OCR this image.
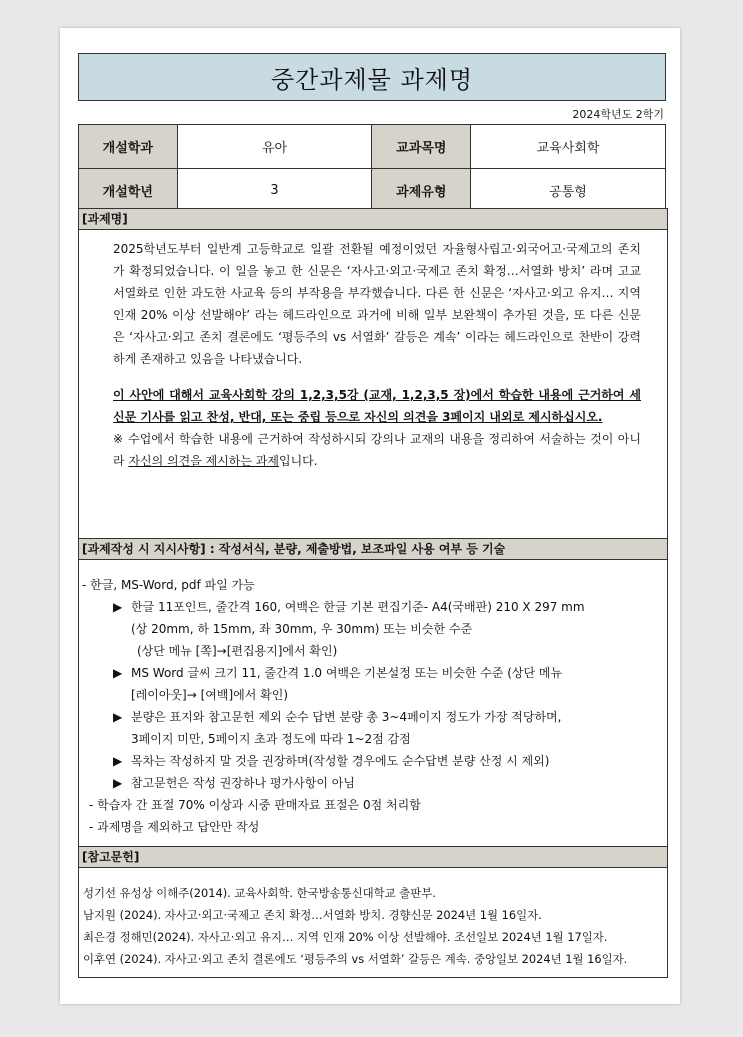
중간과제물 과제명
2024학년도 2학기
개설학과	유아	교과목명	교육사회학
개설학년	3	과제유형	공통형
[과제명]
2025학년도부터 일반계 고등학교로 일괄 전환될 예정이었던 자율형사립고·외국어고·국제고의 존치가 확정되었습니다. 이 일을 놓고 한 신문은 ‘자사고·외고·국제고 존치 확정…서열화 방치’ 라며 고교서열화로 인한 과도한 사교육 등의 부작용을 부각했습니다. 다른 한 신문은 ‘자사고·외고 유지… 지역 인재 20% 이상 선발해야’ 라는 헤드라인으로 과거에 비해 일부 보완책이 추가된 것을, 또 다른 신문은 ‘자사고·외고 존치 결론에도 ‘평등주의 vs 서열화’ 갈등은 계속’ 이라는 헤드라인으로 찬반이 강력하게 존재하고 있음을 나타냈습니다.
이 사안에 대해서 교육사회학 강의 1,2,3,5강 (교재, 1,2,3,5 장)에서 학습한 내용에 근거하여 세 신문 기사를 읽고 찬성, 반대, 또는 중립 등으로 자신의 의견을 3페이지 내외로 제시하십시오.
※ 수업에서 학습한 내용에 근거하여 작성하시되 강의나 교재의 내용을 정리하여 서술하는 것이 아니라 자신의 의견을 제시하는 과제입니다.
[과제작성 시 지시사항] : 작성서식, 분량, 제출방법, 보조파일 사용 여부 등 기술
- 한글, MS-Word, pdf 파일 가능
▶ 한글 11포인트, 줄간격 160, 여백은 한글 기본 편집기준- A4(국배판) 210 X 297 mm
(상 20mm, 하 15mm, 좌 30mm, 우 30mm) 또는 비슷한 수준
(상단 메뉴 [쪽]→[편집용지]에서 확인)
▶ MS Word 글씨 크기 11, 줄간격 1.0 여백은 기본설정 또는 비슷한 수준 (상단 메뉴
[레이아웃]→ [여백]에서 확인)
▶ 분량은 표지와 참고문헌 제외 순수 답변 분량 총 3~4페이지 정도가 가장 적당하며,
3페이지 미만, 5페이지 초과 정도에 따라 1~2점 감점
▶ 목차는 작성하지 말 것을 권장하며(작성할 경우에도 순수답변 분량 산정 시 제외)
▶ 참고문헌은 작성 권장하나 평가사항이 아님
- 학습자 간 표절 70% 이상과 시중 판매자료 표절은 0점 처리함
- 과제명을 제외하고 답안만 작성
[참고문헌]
성기선 유성상 이해주(2014). 교육사회학. 한국방송통신대학교 출판부.
남지원 (2024). 자사고·외고·국제고 존치 확정…서열화 방치. 경향신문 2024년 1월 16일자.
최은경 정해민(2024). 자사고·외고 유지… 지역 인재 20% 이상 선발해야. 조선일보 2024년 1월 17일자.
이후연 (2024). 자사고·외고 존치 결론에도 ‘평등주의 vs 서열화’ 갈등은 계속. 중앙일보 2024년 1월 16일자.
